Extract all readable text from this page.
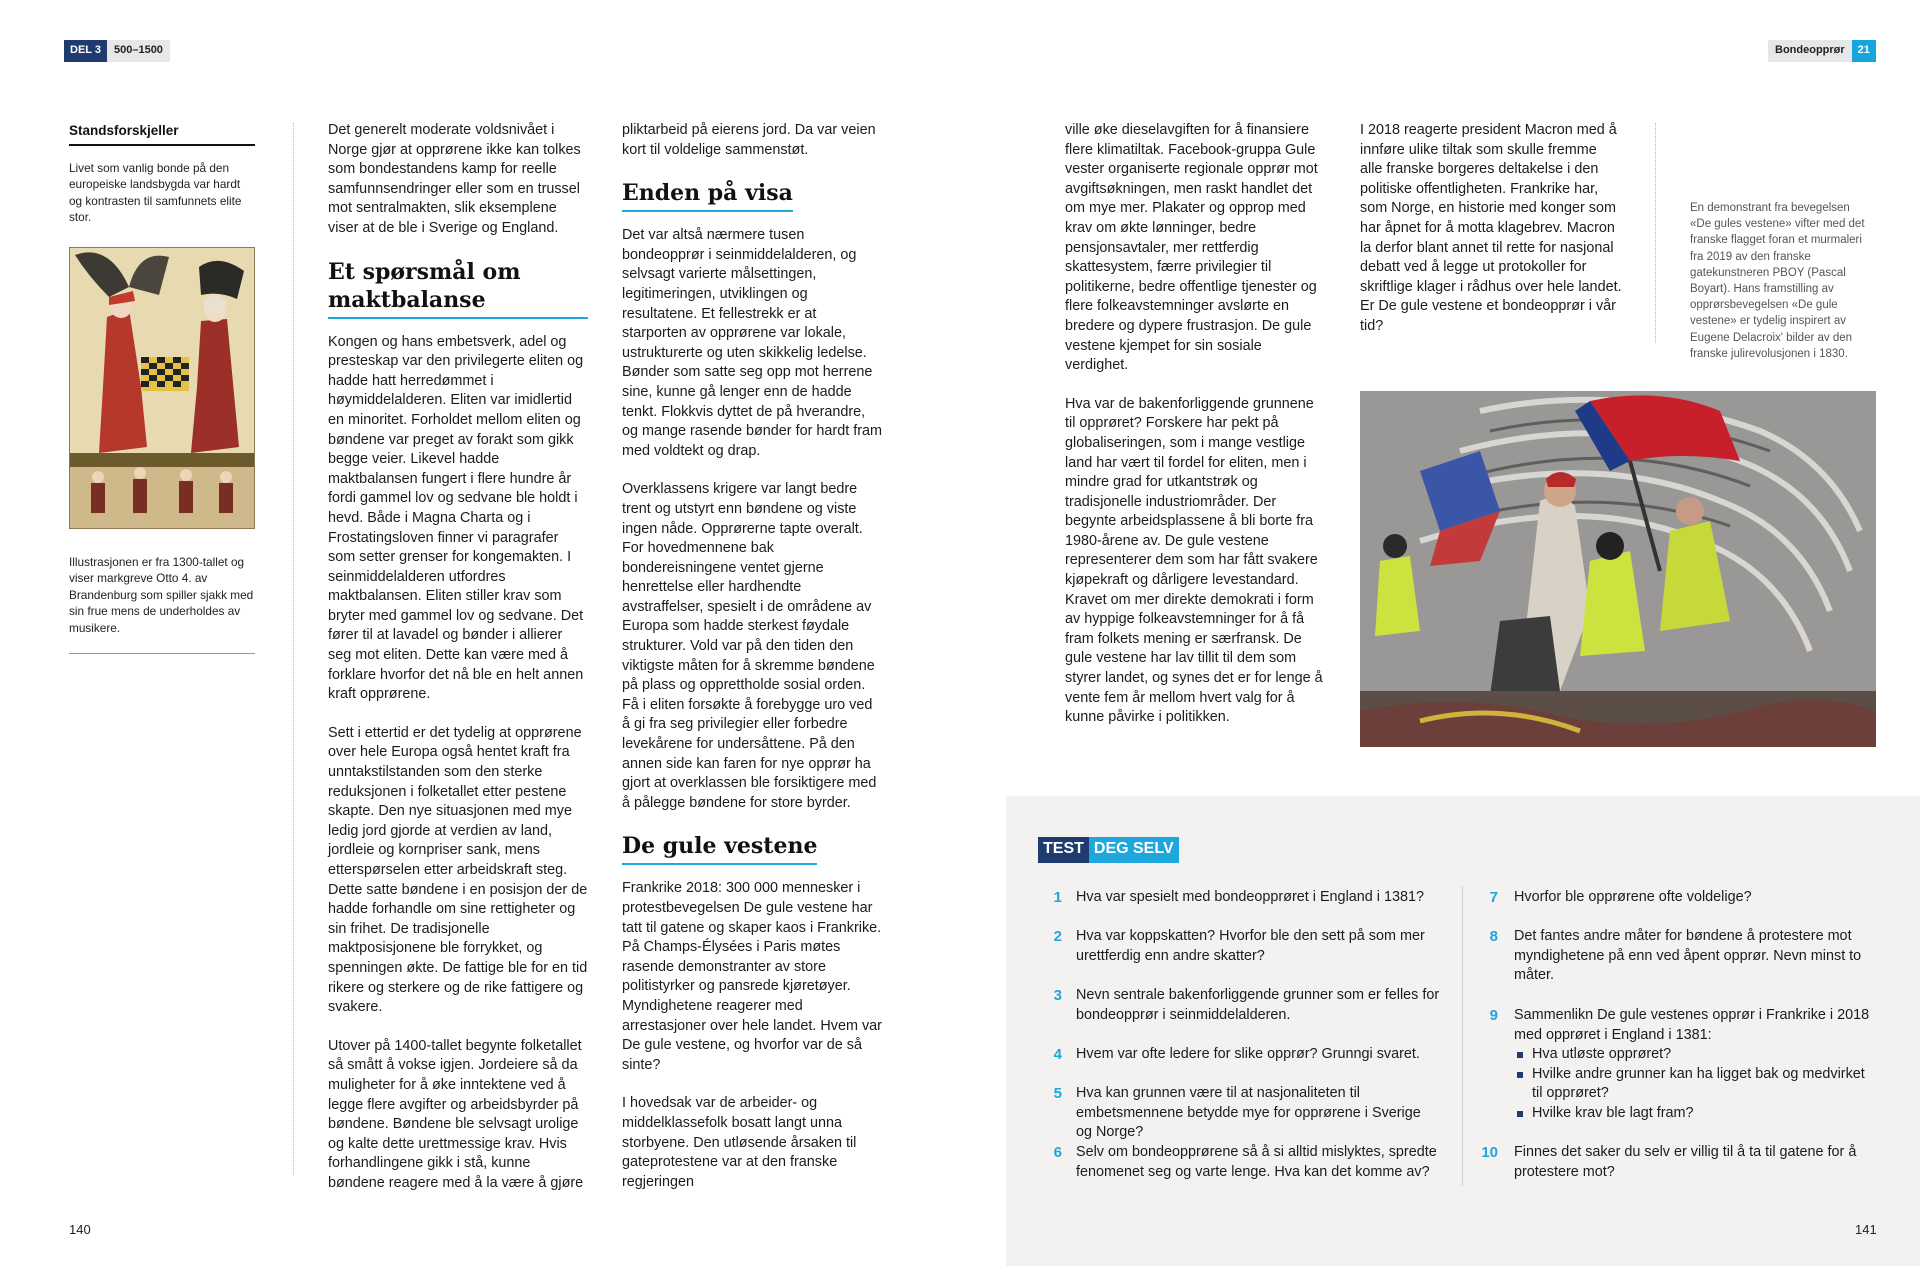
DEL 3	500–1500	Bondeopprør	21
Standsforskjeller
Livet som vanlig bonde på den europeiske landsbygda var hardt og kontrasten til samfunnets elite stor.
Illustrasjonen er fra 1300-tallet og viser markgreve Otto 4. av Brandenburg som spiller sjakk med sin frue mens de underholdes av musikere.

Det generelt moderate voldsnivået i Norge gjør at opprørene ikke kan tolkes som bondestandens kamp for reelle samfunnsendringer eller som en trussel mot sentralmakten, slik eksemplene viser at de ble i Sverige og England.

Et spørsmål om maktbalanse

Kongen og hans embetsverk, adel og presteskap var den privilegerte eliten og hadde hatt herredømmet i høymiddelalderen. Eliten var imidlertid en minoritet. Forholdet mellom eliten og bøndene var preget av forakt som gikk begge veier. Likevel hadde maktbalansen fungert i flere hundre år fordi gammel lov og sedvane ble holdt i hevd. Både i Magna Charta og i Frostatingsloven finner vi paragrafer som setter grenser for kongemakten. I seinmiddelalderen utfordres maktbalansen. Eliten stiller krav som bryter med gammel lov og sedvane. Det fører til at lavadel og bønder i allierer seg mot eliten. Dette kan være med å forklare hvorfor det nå ble en helt annen kraft opprørene.

Sett i ettertid er det tydelig at opprørene over hele Europa også hentet kraft fra unntakstilstanden som den sterke reduksjonen i folketallet etter pestene skapte. Den nye situasjonen med mye ledig jord gjorde at verdien av land, jordleie og kornpriser sank, mens etterspørselen etter arbeidskraft steg. Dette satte bøndene i en posisjon der de hadde forhandle om sine rettigheter og sin frihet. De tradisjonelle maktposisjonene ble forrykket, og spenningen økte. De fattige ble for en tid rikere og sterkere og de rike fattigere og svakere.

Utover på 1400-tallet begynte folketallet så smått å vokse igjen. Jordeiere så da muligheter for å øke inntektene ved å legge flere avgifter og arbeidsbyrder på bøndene. Bøndene ble selvsagt urolige og kalte dette urettmessige krav. Hvis forhandlingene gikk i stå, kunne bøndene reagere med å la være å gjøre

pliktarbeid på eierens jord. Da var veien kort til voldelige sammenstøt.

Enden på visa

Det var altså nærmere tusen bondeopprør i seinmiddelalderen, og selvsagt varierte målsettingen, legitimeringen, utviklingen og resultatene. Et fellestrekk er at starporten av opprørene var lokale, ustrukturerte og uten skikkelig ledelse. Bønder som satte seg opp mot herrene sine, kunne gå lenger enn de hadde tenkt. Flokkvis dyttet de på hverandre, og mange rasende bønder for hardt fram med voldtekt og drap.

Overklassens krigere var langt bedre trent og utstyrt enn bøndene og viste ingen nåde. Opprørerne tapte overalt. For hovedmennene bak bondereisningene ventet gjerne henrettelse eller hardhendte avstraffelser, spesielt i de områdene av Europa som hadde sterkest føydale strukturer. Vold var på den tiden den viktigste måten for å skremme bøndene på plass og opprettholde sosial orden. Få i eliten forsøkte å forebygge uro ved å gi fra seg privilegier eller forbedre levekårene for undersåttene. På den annen side kan faren for nye opprør ha gjort at overklassen ble forsiktigere med å pålegge bøndene for store byrder.

De gule vestene

Frankrike 2018: 300 000 mennesker i protestbevegelsen De gule vestene har tatt til gatene og skaper kaos i Frankrike. På Champs-Élysées i Paris møtes rasende demonstranter av store politistyrker og pansrede kjøretøyer. Myndighetene reagerer med arrestasjoner over hele landet. Hvem var De gule vestene, og hvorfor var de så sinte?

I hovedsak var de arbeider- og middelklassefolk bosatt langt unna storbyene. Den utløsende årsaken til gateprotestene var at den franske regjeringen

ville øke dieselavgiften for å finansiere flere klimatiltak. Facebook-gruppa Gule vester organiserte regionale opprør mot avgiftsøkningen, men raskt handlet det om mye mer. Plakater og opprop med krav om økte lønninger, bedre pensjonsavtaler, mer rettferdig skattesystem, færre privilegier til politikerne, bedre offentlige tjenester og flere folkeavstemninger avslørte en bredere og dypere frustrasjon. De gule vestene kjempet for sin sosiale verdighet.

Hva var de bakenforliggende grunnene til opprøret? Forskere har pekt på globaliseringen, som i mange vestlige land har vært til fordel for eliten, men i mindre grad for utkantstrøk og tradisjonelle industriområder. Der begynte arbeidsplassene å bli borte fra 1980-årene av. De gule vestene representerer dem som har fått svakere kjøpekraft og dårligere levestandard. Kravet om mer direkte demokrati i form av hyppige folkeavstemninger for å få fram folkets mening er særfransk. De gule vestene har lav tillit til dem som styrer landet, og synes det er for lenge å vente fem år mellom hvert valg for å kunne påvirke i politikken.

I 2018 reagerte president Macron med å innføre ulike tiltak som skulle fremme alle franske borgeres deltakelse i den politiske offentligheten. Frankrike har, som Norge, en historie med konger som har åpnet for å motta klagebrev. Macron la derfor blant annet til rette for nasjonal debatt ved å legge ut protokoller for skriftlige klager i rådhus over hele landet. Er De gule vestene et bondeopprør i vår tid?

En demonstrant fra bevegelsen «De gules vestene» vifter med det franske flagget foran et murmaleri fra 2019 av den franske gatekunstneren PBOY (Pascal Boyart). Hans framstilling av opprørsbevegelsen «De gule vestene» er tydelig inspirert av Eugene Delacroix' bilder av den franske julirevolusjonen i 1830.
TEST DEG SELV
1 Hva var spesielt med bondeopprøret i England i 1381?
2 Hva var koppskatten? Hvorfor ble den sett på som mer urettferdig enn andre skatter?
3 Nevn sentrale bakenforliggende grunner som er felles for bondeopprør i seinmiddelalderen.
4 Hvem var ofte ledere for slike opprør? Grunngi svaret.
5 Hva kan grunnen være til at nasjonaliteten til embetsmennene betydde mye for opprørene i Sverige og Norge?
6 Selv om bondeopprørene så å si alltid mislyktes, spredte fenomenet seg og varte lenge. Hva kan det komme av?
7	Hvorfor ble opprørene ofte voldelige?
8	Det fantes andre måter for bøndene å protestere mot myndighetene på enn ved åpent opprør. Nevn minst to måter.
9 Sammenlikn De gule vestenes opprør i Frankrike i 2018 med opprøret i England i 1381:
Hva utløste opprøret?
Hvilke andre grunner kan ha ligget bak og medvirket til opprøret?
Hvilke krav ble lagt fram?
10	Finnes det saker du selv er villig til å ta til gatene for å protestere mot?
140	141
